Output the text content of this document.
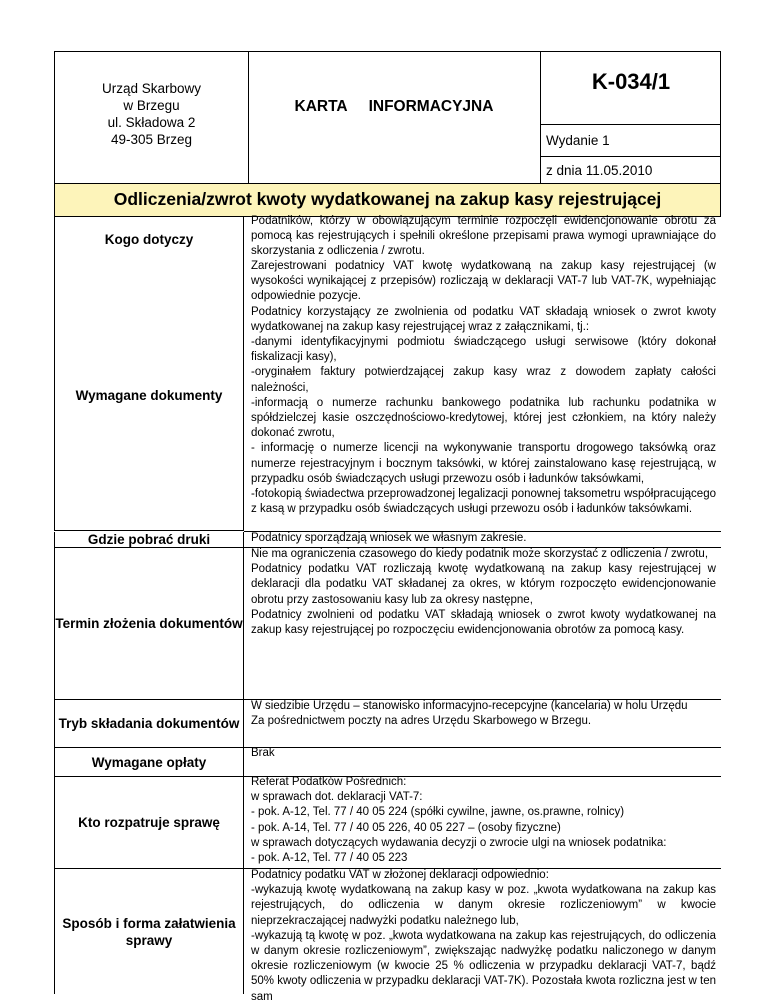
Urząd Skarbowy
w Brzegu
ul. Składowa 2
49-305 Brzeg
KARTA     INFORMACYJNA
K-034/1
Wydanie 1
z dnia 11.05.2010
Odliczenia/zwrot kwoty wydatkowanej na zakup kasy rejestrującej
Kogo dotyczy

Podatników, którzy w obowiązującym terminie rozpoczęli ewidencjonowanie obrotu za pomocą kas rejestrujących i spełnili określone przepisami prawa wymogi uprawniające do skorzystania z odliczenia / zwrotu.

Wymagane dokumenty

Zarejestrowani podatnicy VAT kwotę wydatkowaną na zakup kasy rejestrującej (w wysokości wynikającej z przepisów) rozliczają w deklaracji VAT-7 lub VAT-7K, wypełniając odpowiednie pozycje.

Podatnicy korzystający ze zwolnienia od podatku VAT składają wniosek o zwrot kwoty wydatkowanej na zakup kasy rejestrującej wraz z załącznikami, tj.:

-danymi identyfikacyjnymi podmiotu świadczącego usługi serwisowe (który dokonał fiskalizacji kasy),

-oryginałem faktury potwierdzającej zakup kasy wraz z dowodem zapłaty całości należności,

-informacją o numerze rachunku bankowego podatnika lub rachunku podatnika w spółdzielczej kasie oszczędnościowo-kredytowej, której jest członkiem, na który należy dokonać zwrotu,

- informację o numerze licencji na wykonywanie transportu drogowego taksówką oraz numerze rejestracyjnym i bocznym taksówki, w której zainstalowano kasę rejestrującą, w przypadku osób świadczących usługi przewozu osób i ładunków taksówkami,

-fotokopią świadectwa przeprowadzonej legalizacji ponownej taksometru współpracującego z kasą w przypadku osób świadczących usługi przewozu osób i ładunków taksówkami.

Gdzie pobrać druki	Podatnicy sporządzają wniosek we własnym zakresie.

Termin złożenia dokumentów

Nie ma ograniczenia czasowego do kiedy podatnik może skorzystać z odliczenia / zwrotu,

Podatnicy podatku VAT rozliczają kwotę wydatkowaną na zakup kasy rejestrującej w deklaracji dla podatku VAT składanej za okres, w którym rozpoczęto ewidencjonowanie obrotu przy zastosowaniu kasy lub za okresy następne,

Podatnicy zwolnieni od podatku VAT składają wniosek o zwrot kwoty wydatkowanej na zakup kasy rejestrującej po rozpoczęciu ewidencjonowania obrotów za pomocą kasy.

Tryb składania dokumentów

W siedzibie Urzędu – stanowisko informacyjno-recepcyjne (kancelaria) w holu Urzędu

Za pośrednictwem poczty na adres Urzędu Skarbowego w Brzegu.

Wymagane opłaty

Brak

Kto rozpatruje sprawę

Referat Podatków Pośrednich:

w sprawach dot. deklaracji VAT-7:

- pok. A-12, Tel. 77 / 40 05 224 (spółki cywilne, jawne, os.prawne, rolnicy)

- pok. A-14, Tel. 77 / 40 05 226, 40 05 227 – (osoby fizyczne)

w sprawach dotyczących wydawania decyzji o zwrocie ulgi na wniosek podatnika:

- pok. A-12, Tel. 77 / 40 05 223

Sposób i forma załatwienia sprawy

Podatnicy podatku VAT w złożonej deklaracji odpowiednio:

-wykazują kwotę wydatkowaną na zakup kasy w poz. „kwota wydatkowana na zakup kas rejestrujących, do odliczenia w danym okresie rozliczeniowym” w kwocie nieprzekraczającej nadwyżki podatku należnego lub,

-wykazują tą kwotę w poz. „kwota wydatkowana na zakup kas rejestrujących, do odliczenia w danym okresie rozliczeniowym”, zwiększając nadwyżkę podatku naliczonego w danym okresie rozliczeniowym (w kwocie 25 % odliczenia w przypadku deklaracji VAT-7, bądź 50% kwoty odliczenia w przypadku deklaracji VAT-7K). Pozostała kwota rozliczna jest w ten sam
